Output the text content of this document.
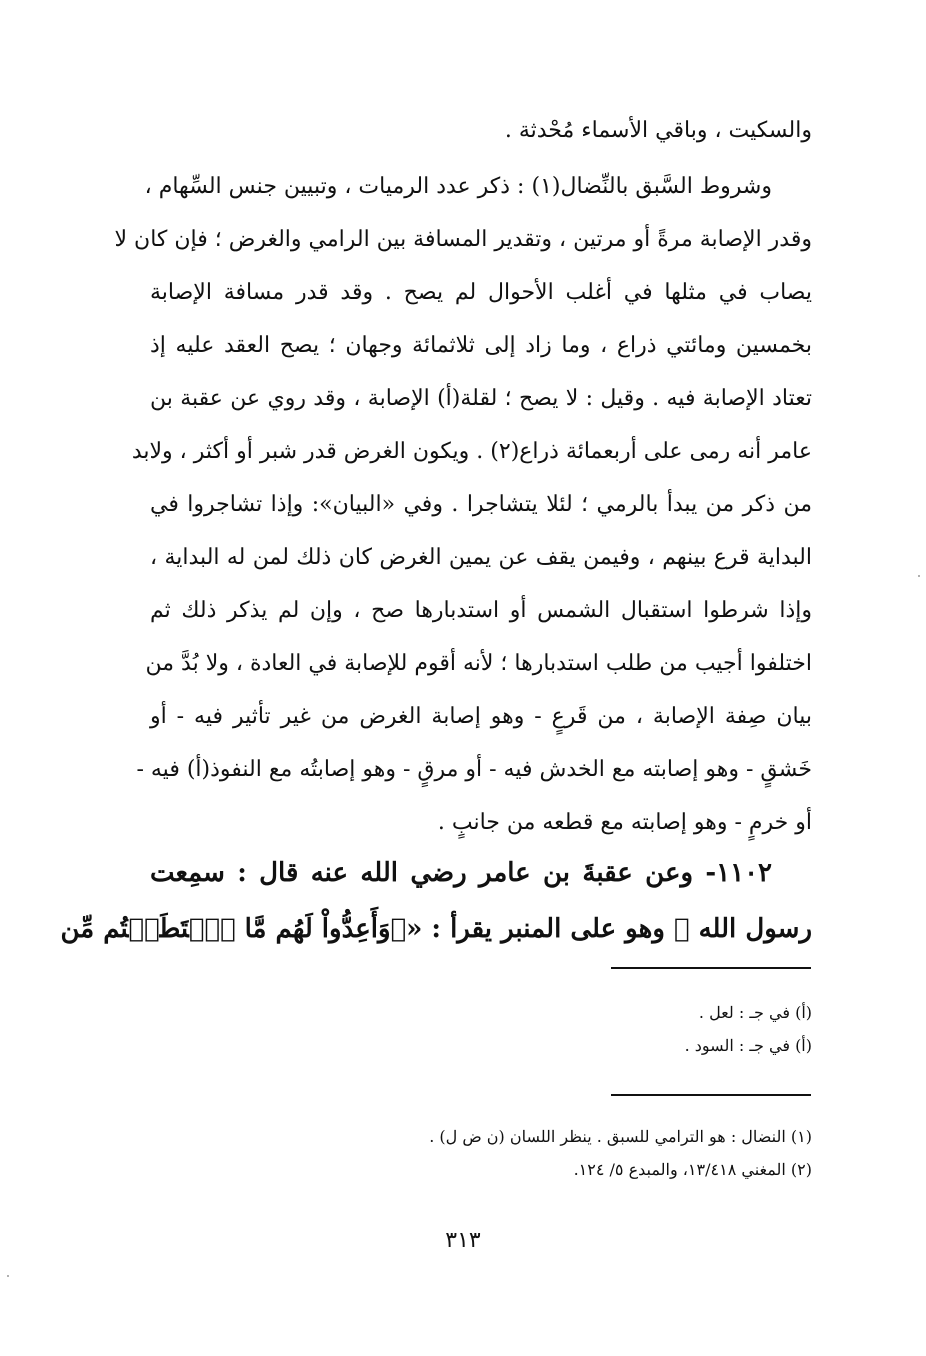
والسكيت ، وباقي الأسماء مُحْدثة .
وشروط السَّبق بالنِّضال(١) : ذكر عدد الرميات ، وتبيين جنس السِّهام ،
وقدر الإصابة مرةً أو مرتين ، وتقدير المسافة بين الرامي والغرض ؛ فإن كان لا
يصاب في مثلها في أغلب الأحوال لم يصح . وقد قدر مسافة الإصابة
بخمسين ومائتي ذراع ، وما زاد إلى ثلاثمائة وجهان ؛ يصح العقد عليه إذ
تعتاد الإصابة فيه . وقيل : لا يصح ؛ لقلة(أ) الإصابة ، وقد روي عن عقبة بن
عامر أنه رمى على أربعمائة ذراع(٢) . ويكون الغرض قدر شبر أو أكثر ، ولابد
من ذكر من يبدأ بالرمي ؛ لئلا يتشاجرا . وفي «البيان»: وإذا تشاجروا في
البداية قرع بينهم ، وفيمن يقف عن يمين الغرض كان ذلك لمن له البداية ،
وإذا شرطوا استقبال الشمس أو استدبارها صح ، وإن لم يذكر ذلك ثم
اختلفوا أجيب من طلب استدبارها ؛ لأنه أقوم للإصابة في العادة ، ولا بُدَّ من
بيان صِفة الإصابة ، من قَرعٍ - وهو إصابة الغرض من غير تأثير فيه - أو
خَشقٍ - وهو إصابته مع الخدش فيه - أو مرقٍ - وهو إصابتُه مع النفوذ(أ) فيه -
أو خرمٍ - وهو إصابته مع قطعه من جانبٍ .
١١٠٢- وعن عقبةَ بن عامر رضي الله عنه قال : سمِعت
رسول الله ﷺ وهو على المنبر يقرأ : «﴿وَأَعِدُّواْ لَهُم مَّا ٱسۡتَطَعۡتُم مِّن
(أ) في جـ : لعل .
(أ) في جـ : السود .
(١) النضال : هو الترامي للسبق . ينظر اللسان (ن ض ل) .
(٢) المغني ١٣/٤١٨، والمبدع ٥/ ١٢٤.
٣١٣
